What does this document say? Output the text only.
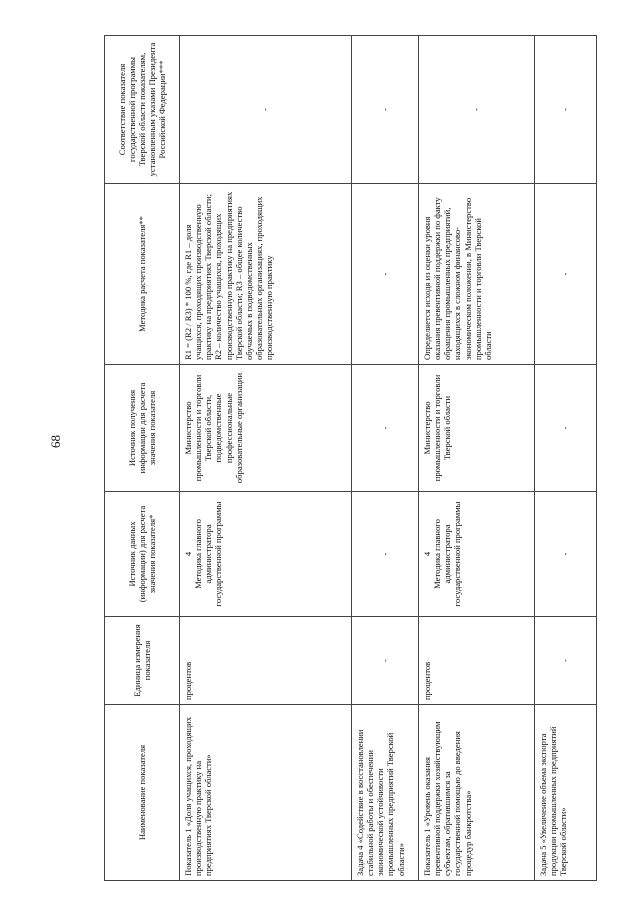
68
Наименование показателя	Единица измерения показателя	Источник данных (информации) для расчета значения показателя*	Источник получения информации для расчета значения показателя	Методика расчета показателя**	Соответствие показателя государственной программы Тверской области показателям, установленным указами Президента Российской Федерации***
Показатель 1 «Доля учащихся, проходящих производственную практику на предприятиях Тверской области»	процентов	4 Методика главного администратора государственной программы	Министерство промышленности и торговли Тверской области, подведомственные профессиональные образовательные организации	R1 = (R2 / R3) * 100 %, где R1 – доля учащихся, проходящих производственную практику на предприятиях Тверской области; R2 – количество учащихся, проходящих производственную практику на предприятиях Тверской области; R3 – общее количество обучаемых в подведомственных образовательных организациях, проходящих производственную практику	-
Задача 4 «Содействие в восстановлении стабильной работы и обеспечении экономической устойчивости промышленных предприятий Тверской области»	-	-	-	-	-
Показатель 1 «Уровень оказания превентивной поддержки хозяйствующим субъектам, обратившимся за государственной помощью до введения процедур банкротства»	процентов	4 Методика главного администратора государственной программы	Министерство промышленности и торговли Тверской области	Определяется исходя из оценки уровня оказания превентивной поддержки по факту обращения промышленных предприятий, находящихся в сложном финансово-экономическом положении, в Министерство промышленности и торговли Тверской области	-
Задача 5 «Увеличение объема экспорта продукции промышленных предприятий Тверской области»	-	-	-	-	-
